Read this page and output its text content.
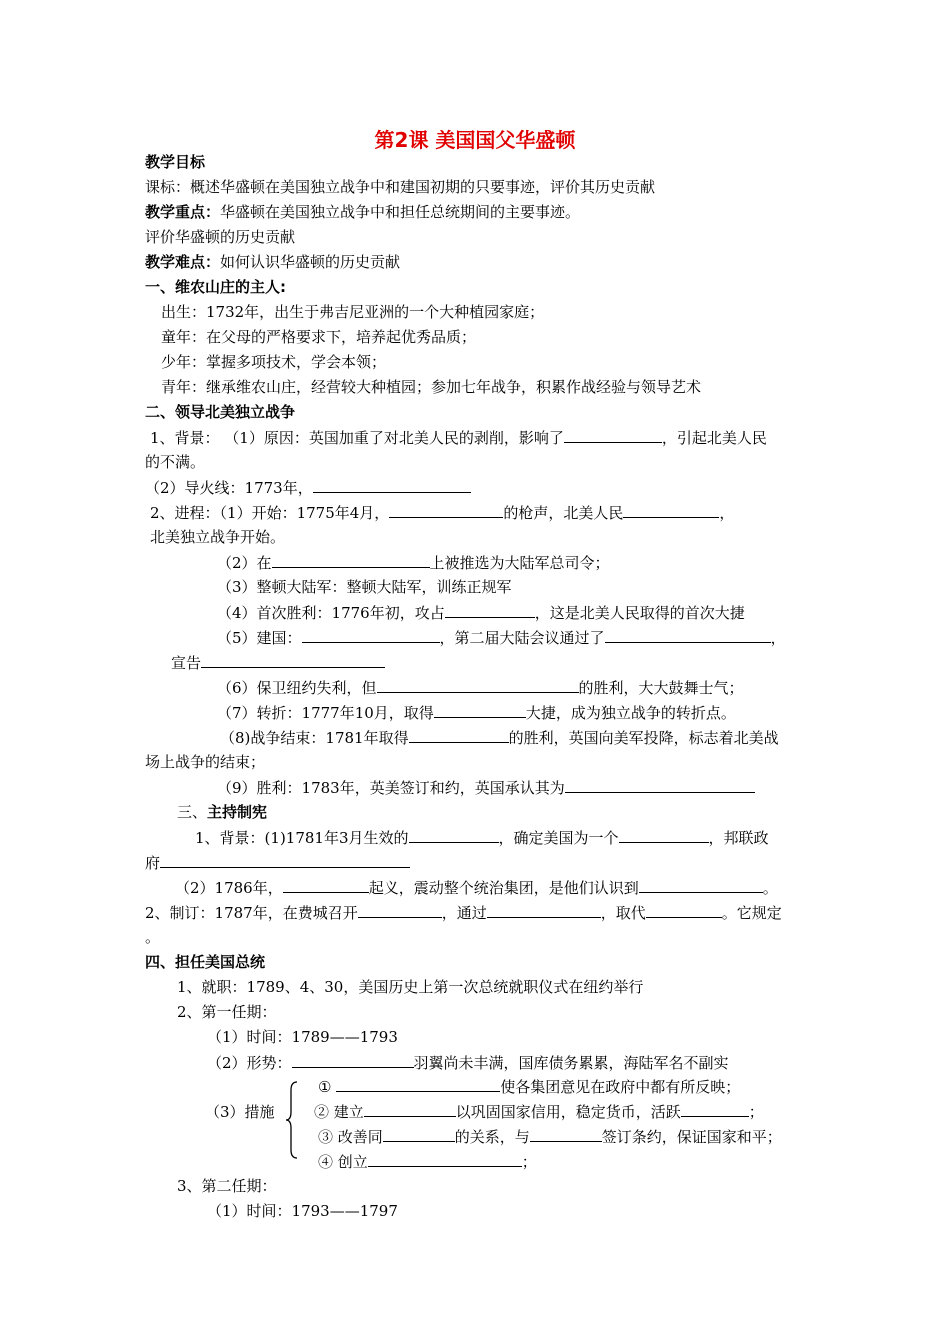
第2课 美国国父华盛顿
教学目标
课标：概述华盛顿在美国独立战争中和建国初期的只要事迹，评价其历史贡献
教学重点：华盛顿在美国独立战争中和担任总统期间的主要事迹。
评价华盛顿的历史贡献
教学难点：如何认识华盛顿的历史贡献
一、维农山庄的主人:
出生：1732年，出生于弗吉尼亚洲的一个大种植园家庭；
童年：在父母的严格要求下，培养起优秀品质；
少年：掌握多项技术，学会本领；
青年：继承维农山庄，经营较大种植园；参加七年战争，积累作战经验与领导艺术
二、领导北美独立战争
1、背景： （1）原因：英国加重了对北美人民的剥削，影响了	，引起北美人民
的不满。
（2）导火线：1773年，
2、进程：（1）开始：1775年4月，	的枪声，北美人民	，
北美独立战争开始。
（2）在	上被推选为大陆军总司令；
（3）整顿大陆军：整顿大陆军，训练正规军
（4）首次胜利：1776年初，攻占	，这是北美人民取得的首次大捷
（5）建国：	，第二届大陆会议通过了	，
宣告
（6）保卫纽约失利，但	的胜利，大大鼓舞士气；
（7）转折：1777年10月，取得	大捷，成为独立战争的转折点。
（8)战争结束：1781年取得	的胜利，英国向美军投降，标志着北美战
场上战争的结束；
（9）胜利：1783年，英美签订和约，英国承认其为
三、主持制宪
1、背景：(1)1781年3月生效的	，确定美国为一个	，邦联政
府
（2）1786年，	起义，震动整个统治集团，是他们认识到	。
2、制订：1787年，在费城召开	，通过	，取代	。它规定
。
四、担任美国总统
1、就职：1789、4、30，美国历史上第一次总统就职仪式在纽约举行
2、第一任期：
（1）时间：1789——1793
（2）形势：	羽翼尚未丰满，国库债务累累，海陆军名不副实
（3）措施
①	使各集团意见在政府中都有所反映；
② 建立	以巩固国家信用，稳定货币，活跃	；
③ 改善同	的关系，与	签订条约，保证国家和平；
④ 创立	；
3、第二任期：
（1）时间：1793——1797
